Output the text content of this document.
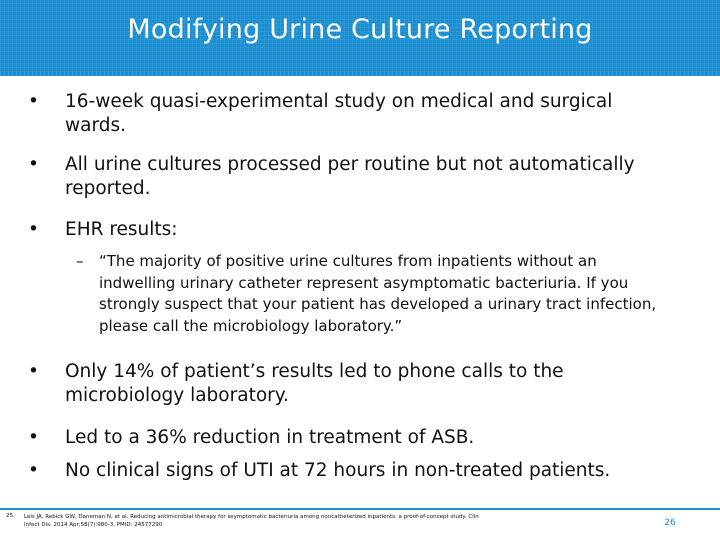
Modifying Urine Culture Reporting
•	16-week quasi-experimental study on medical and surgical wards.
•	All urine cultures processed per routine but not automatically reported.
•	EHR results:
–	“The majority of positive urine cultures from inpatients without an indwelling urinary catheter represent asymptomatic bacteriuria. If you strongly suspect that your patient has developed a urinary tract infection, please call the microbiology laboratory.”
•	Only 14% of patient’s results led to phone calls to the microbiology laboratory.
•	Led to a 36% reduction in treatment of ASB.
•	No clinical signs of UTI at 72 hours in non-treated patients.
25. Leis JA, Rebick GW, Daneman N, et al. Reducing antimicrobial therapy for asymptomatic bacteriuria among noncatheterized inpatients: a proof-of-concept study. Clin Infect Dis. 2014 Apr;58(7):980-3. PMID: 24577290.	26
